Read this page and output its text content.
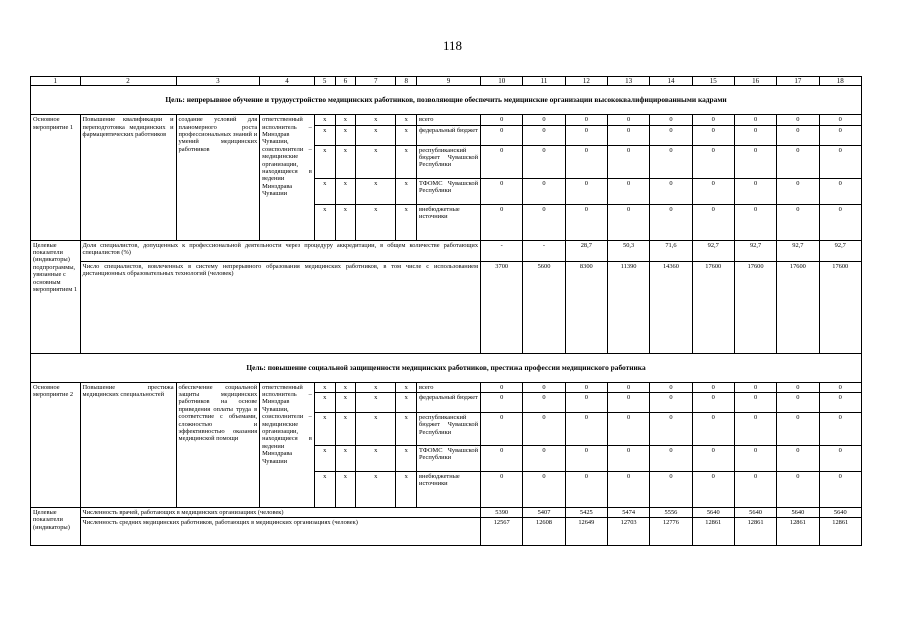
118
1	2	3	4	5	6	7	8	9	10	11	12	13	14	15	16	17	18
Цель: непрерывное обучение и трудоустройство медицинских работников, позволяющие обеспечить медицинские организации высококвалифицированными кадрами																	
Основное мероприятие 1	Повышение квалификации и переподготовка медицинских и фармацевтических работников	создание условий для планомерного роста профессиональных знаний и умений медицинских работников	ответственный исполнитель – Минздрав Чувашии, соисполнители – медицинские организации, находящиеся в ведении Минздрава Чувашии	x	x	x	x	всего	0	0	0	0	0	0	0	0	0
				x	x	x	x	федеральный бюджет	0	0	0	0	0	0	0	0	0
				x	x	x	x	республиканский бюджет Чувашской Республики	0	0	0	0	0	0	0	0	0
				x	x	x	x	ТФОМС Чувашской Республики	0	0	0	0	0	0	0	0	0
				x	x	x	x	внебюджетные источники	0	0	0	0	0	0	0	0	0
Целевые показатели (индикаторы) подпрограммы, увязанные с основным мероприятием 1	Доля специалистов, допущенных к профессиональной деятельности через процедуру аккредитации, в общем количестве работающих специалистов (%)								-	-	28,7	50,3	71,6	92,7	92,7	92,7	92,7
	Число специалистов, вовлеченных в систему непрерывного образования медицинских работников, в том числе с использованием дистанционных образовательных технологий (человек)								3700	5600	8300	11390	14360	17600	17600	17600	17600
Цель: повышение социальной защищенности медицинских работников, престижа профессии медицинского работника																	
Основное мероприятие 2	Повышение престижа медицинских специальностей	обеспечение социальной защиты медицинских работников на основе приведения оплаты труда в соответствие с объемами, сложностью и эффективностью оказания медицинской помощи	ответственный исполнитель – Минздрав Чувашии, соисполнители – медицинские организации, находящиеся в ведении Минздрава Чувашии	x	x	x	x	всего	0	0	0	0	0	0	0	0	0
				x	x	x	x	федеральный бюджет	0	0	0	0	0	0	0	0	0
				x	x	x	x	республиканский бюджет Чувашской Республики	0	0	0	0	0	0	0	0	0
				x	x	x	x	ТФОМС Чувашской Республики	0	0	0	0	0	0	0	0	0
				x	x	x	x	внебюджетные источники	0	0	0	0	0	0	0	0	0
Целевые показатели (индикаторы)	Численность врачей, работающих в медицинских организациях (человек)								5390	5407	5425	5474	5556	5640	5640	5640	5640
	Численность средних медицинских работников, работающих в медицинских организациях (человек)								12567	12608	12649	12703	12776	12861	12861	12861	12861
